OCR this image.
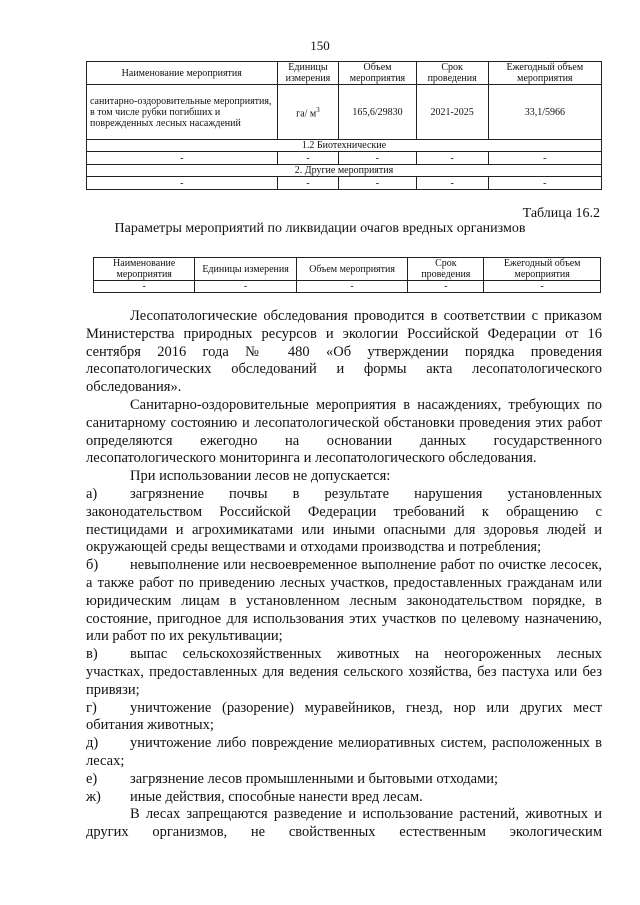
150
Наименование мероприятия	Единицы измерения	Объем мероприятия	Срок проведения	Ежегодный объем мероприятия
санитарно-оздоровительные мероприятия, в том числе рубки погибших и поврежденных лесных насаждений	га/ $м^3$	165,6/29830	2021-2025	33,1/5966
1.2 Биотехнические				
-	-	-	-	-
2. Другие мероприятия				
-	-	-	-	-
Таблица 16.2
Параметры мероприятий по ликвидации очагов вредных организмов
Наименование мероприятия	Единицы измерения	Объем мероприятия	Срок проведения	Ежегодный объем мероприятия
-	-	-	-	-

Лесопатологические обследования проводится в соответствии с приказом Министерства природных ресурсов и экологии Российской Федерации от 16 сентября 2016 года № 480 «Об утверждении порядка проведения лесопатологических обследований и формы акта лесопатологического обследования».

Санитарно-оздоровительные мероприятия в насаждениях, требующих по санитарному состоянию и лесопатологической обстановки проведения этих работ определяются ежегодно на основании данных государственного лесопатологического мониторинга и лесопатологического обследования.

При использовании лесов не допускается:

а) загрязнение почвы в результате нарушения установленных законодательством Российской Федерации требований к обращению с пестицидами и агрохимикатами или иными опасными для здоровья людей и окружающей среды веществами и отходами производства и потребления;

б) невыполнение или несвоевременное выполнение работ по очистке лесосек, а также работ по приведению лесных участков, предоставленных гражданам или юридическим лицам в установленном лесным законодательством порядке, в состояние, пригодное для использования этих участков по целевому назначению, или работ по их рекультивации;

в) выпас сельскохозяйственных животных на неогороженных лесных участках, предоставленных для ведения сельского хозяйства, без пастуха или без привязи;

г) уничтожение (разорение) муравейников, гнезд, нор или других мест обитания животных;

д) уничтожение либо повреждение мелиоративных систем, расположенных в лесах;

е) загрязнение лесов промышленными и бытовыми отходами;

ж) иные действия, способные нанести вред лесам.

В лесах запрещаются разведение и использование растений, животных и других организмов, не свойственных естественным экологическим
